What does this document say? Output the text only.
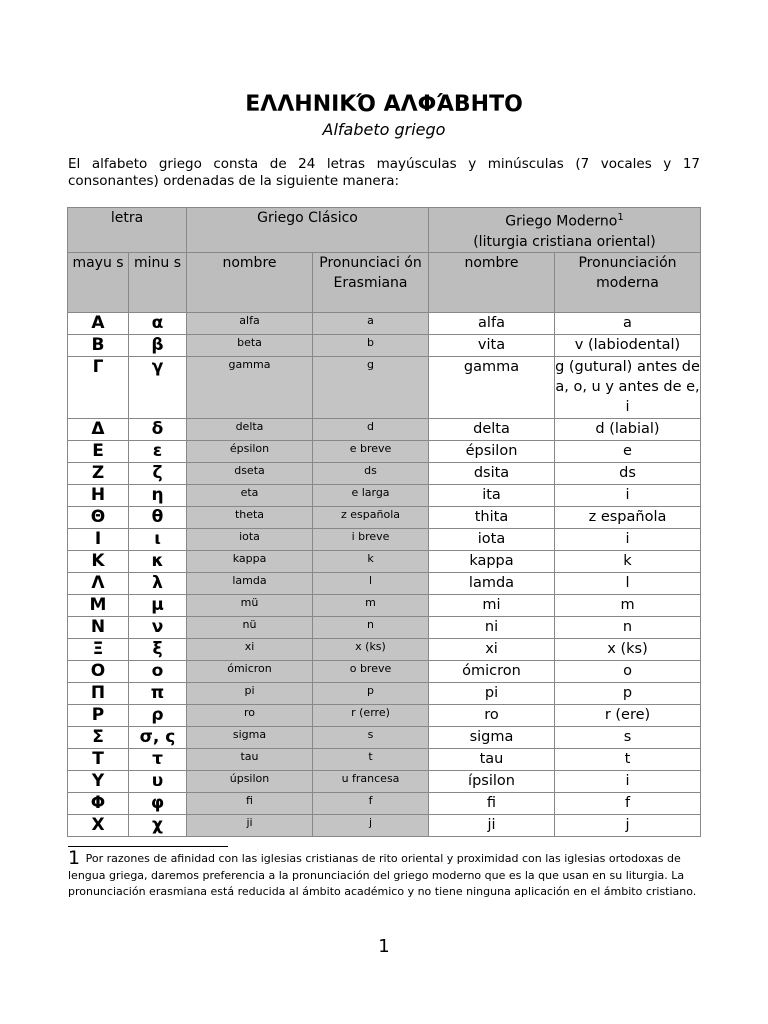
ΕΛΛΗΝΙΚΌ ΑΛΦΆΒΗΤΟ
Alfabeto griego
El alfabeto griego consta de 24 letras mayúsculas y minúsculas (7 vocales y 17 consonantes) ordenadas de la siguiente manera:
letra		Griego Clásico		Griego Moderno$^1$
(liturgia cristiana oriental)	
mayu s	minu s	nombre	Pronunciaci ón Erasmiana	nombre	Pronunciación moderna
Α	α	alfa	a	alfa	a
Β	β	beta	b	vita	v (labiodental)
Γ	γ	gamma	g	gamma	g (gutural) antes de a, o, u y antes de e, i
Δ	δ	delta	d	delta	d (labial)
Ε	ε	épsilon	e breve	épsilon	e
Ζ	ζ	dseta	ds	dsita	ds
Η	η	eta	e larga	ita	i
Θ	θ	theta	z española	thita	z española
Ι	ι	iota	i breve	iota	i
Κ	κ	kappa	k	kappa	k
Λ	λ	lamda	l	lamda	l
Μ	μ	mü	m	mi	m
Ν	ν	nü	n	ni	n
Ξ	ξ	xi	x (ks)	xi	x (ks)
Ο	ο	ómicron	o breve	ómicron	o
Π	π	pi	p	pi	p
Ρ	ρ	ro	r (erre)	ro	r (ere)
Σ	σ, ς	sigma	s	sigma	s
Τ	τ	tau	t	tau	t
Υ	υ	úpsilon	u francesa	ípsilon	i
Φ	φ	fi	f	fi	f
Χ	χ	ji	j	ji	j
1 Por razones de afinidad con las iglesias cristianas de rito oriental y proximidad con las iglesias ortodoxas de lengua griega, daremos preferencia a la pronunciación del griego moderno que es la que usan en su liturgia. La pronunciación erasmiana está reducida al ámbito académico y no tiene ninguna aplicación en el ámbito cristiano.
1
